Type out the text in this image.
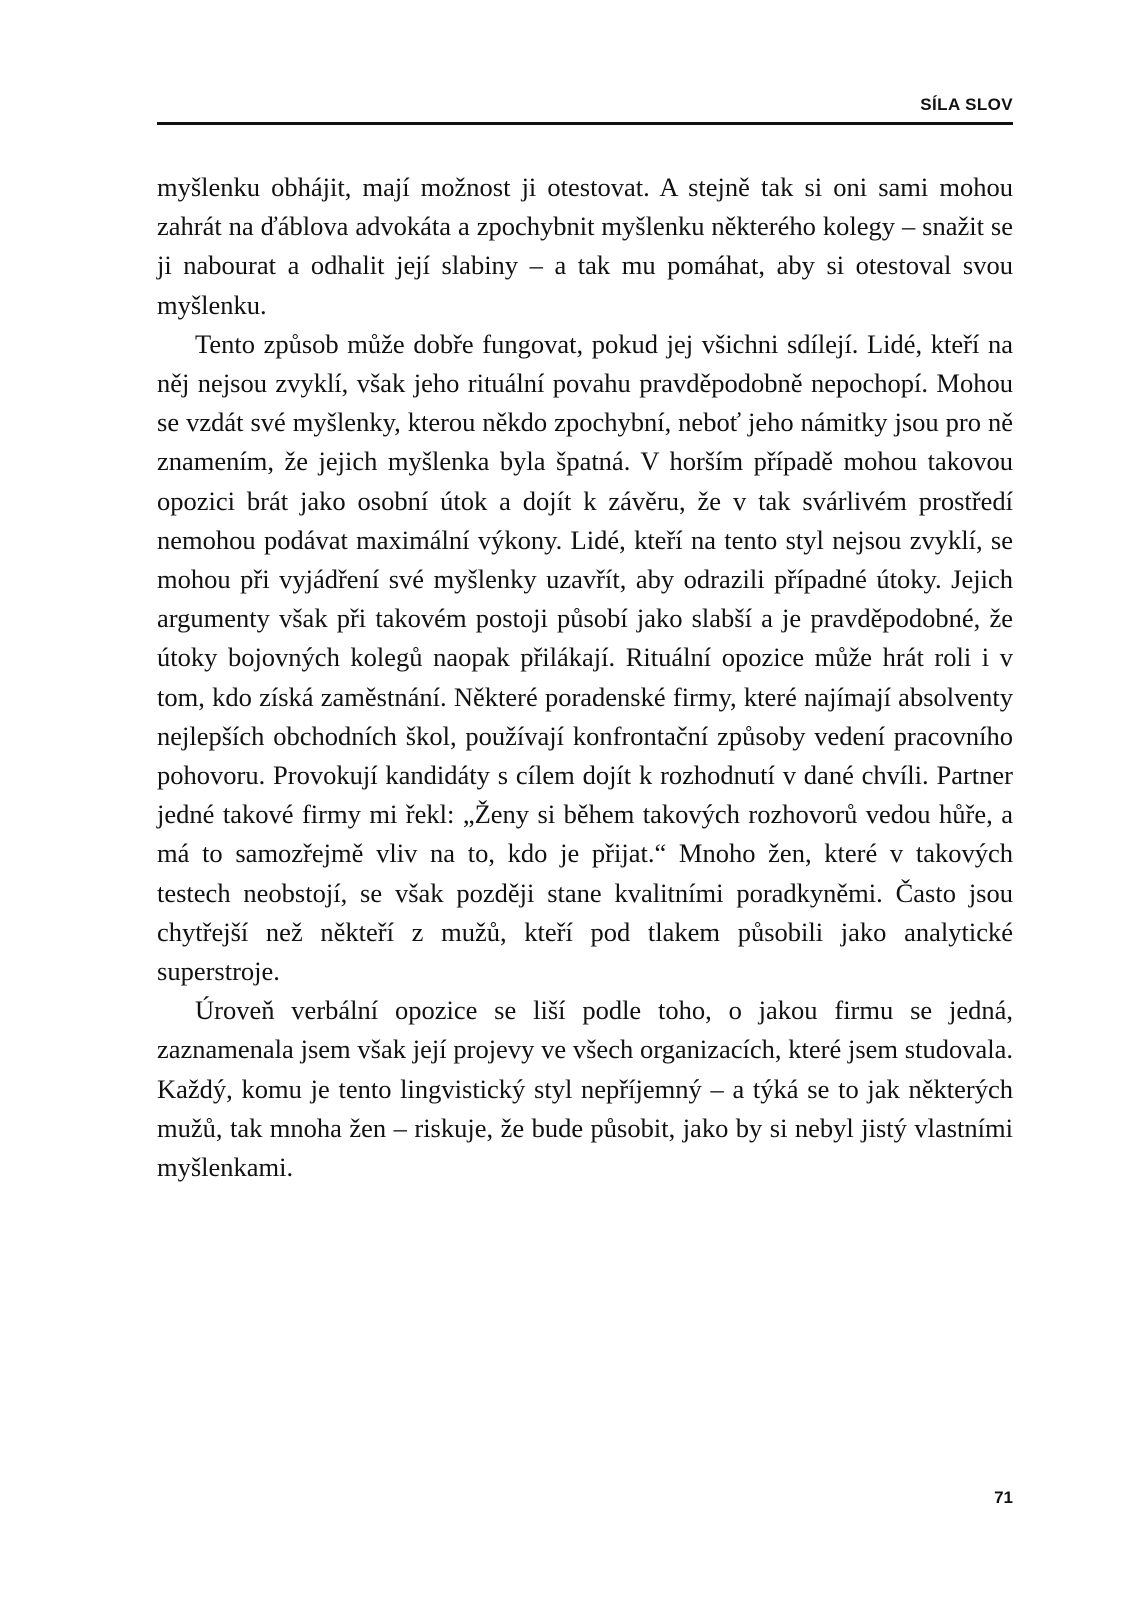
SÍLA SLOV

myšlenku obhájit, mají možnost ji otestovat. A stejně tak si oni sami mohou zahrát na ďáblova advokáta a zpochybnit myšlenku některého kolegy – snažit se ji nabourat a odhalit její slabiny – a tak mu pomáhat, aby si otestoval svou myšlenku.

Tento způsob může dobře fungovat, pokud jej všichni sdílejí. Lidé, kteří na něj nejsou zvyklí, však jeho rituální povahu pravděpodobně nepochopí. Mohou se vzdát své myšlenky, kterou někdo zpochybní, neboť jeho námitky jsou pro ně znamením, že jejich myšlenka byla špatná. V horším případě mohou takovou opozici brát jako osobní útok a dojít k závěru, že v tak svárlivém prostředí nemohou podávat maximální výkony. Lidé, kteří na tento styl nejsou zvyklí, se mohou při vyjádření své myšlenky uzavřít, aby odrazili případné útoky. Jejich argumenty však při takovém postoji působí jako slabší a je pravděpodobné, že útoky bojovných kolegů naopak přilákají. Rituální opozice může hrát roli i v tom, kdo získá zaměstnání. Některé poradenské firmy, které najímají absolventy nejlepších obchodních škol, používají konfrontační způsoby vedení pracovního pohovoru. Provokují kandidáty s cílem dojít k rozhodnutí v dané chvíli. Partner jedné takové firmy mi řekl: „Ženy si během takových rozhovorů vedou hůře, a má to samozřejmě vliv na to, kdo je přijat.“ Mnoho žen, které v takových testech neobstojí, se však později stane kvalitními poradkyněmi. Často jsou chytřejší než někteří z mužů, kteří pod tlakem působili jako analytické superstroje.

Úroveň verbální opozice se liší podle toho, o jakou firmu se jedná, zaznamenala jsem však její projevy ve všech organizacích, které jsem studovala. Každý, komu je tento lingvistický styl nepříjemný – a týká se to jak některých mužů, tak mnoha žen – riskuje, že bude působit, jako by si nebyl jistý vlastními myšlenkami.

71
